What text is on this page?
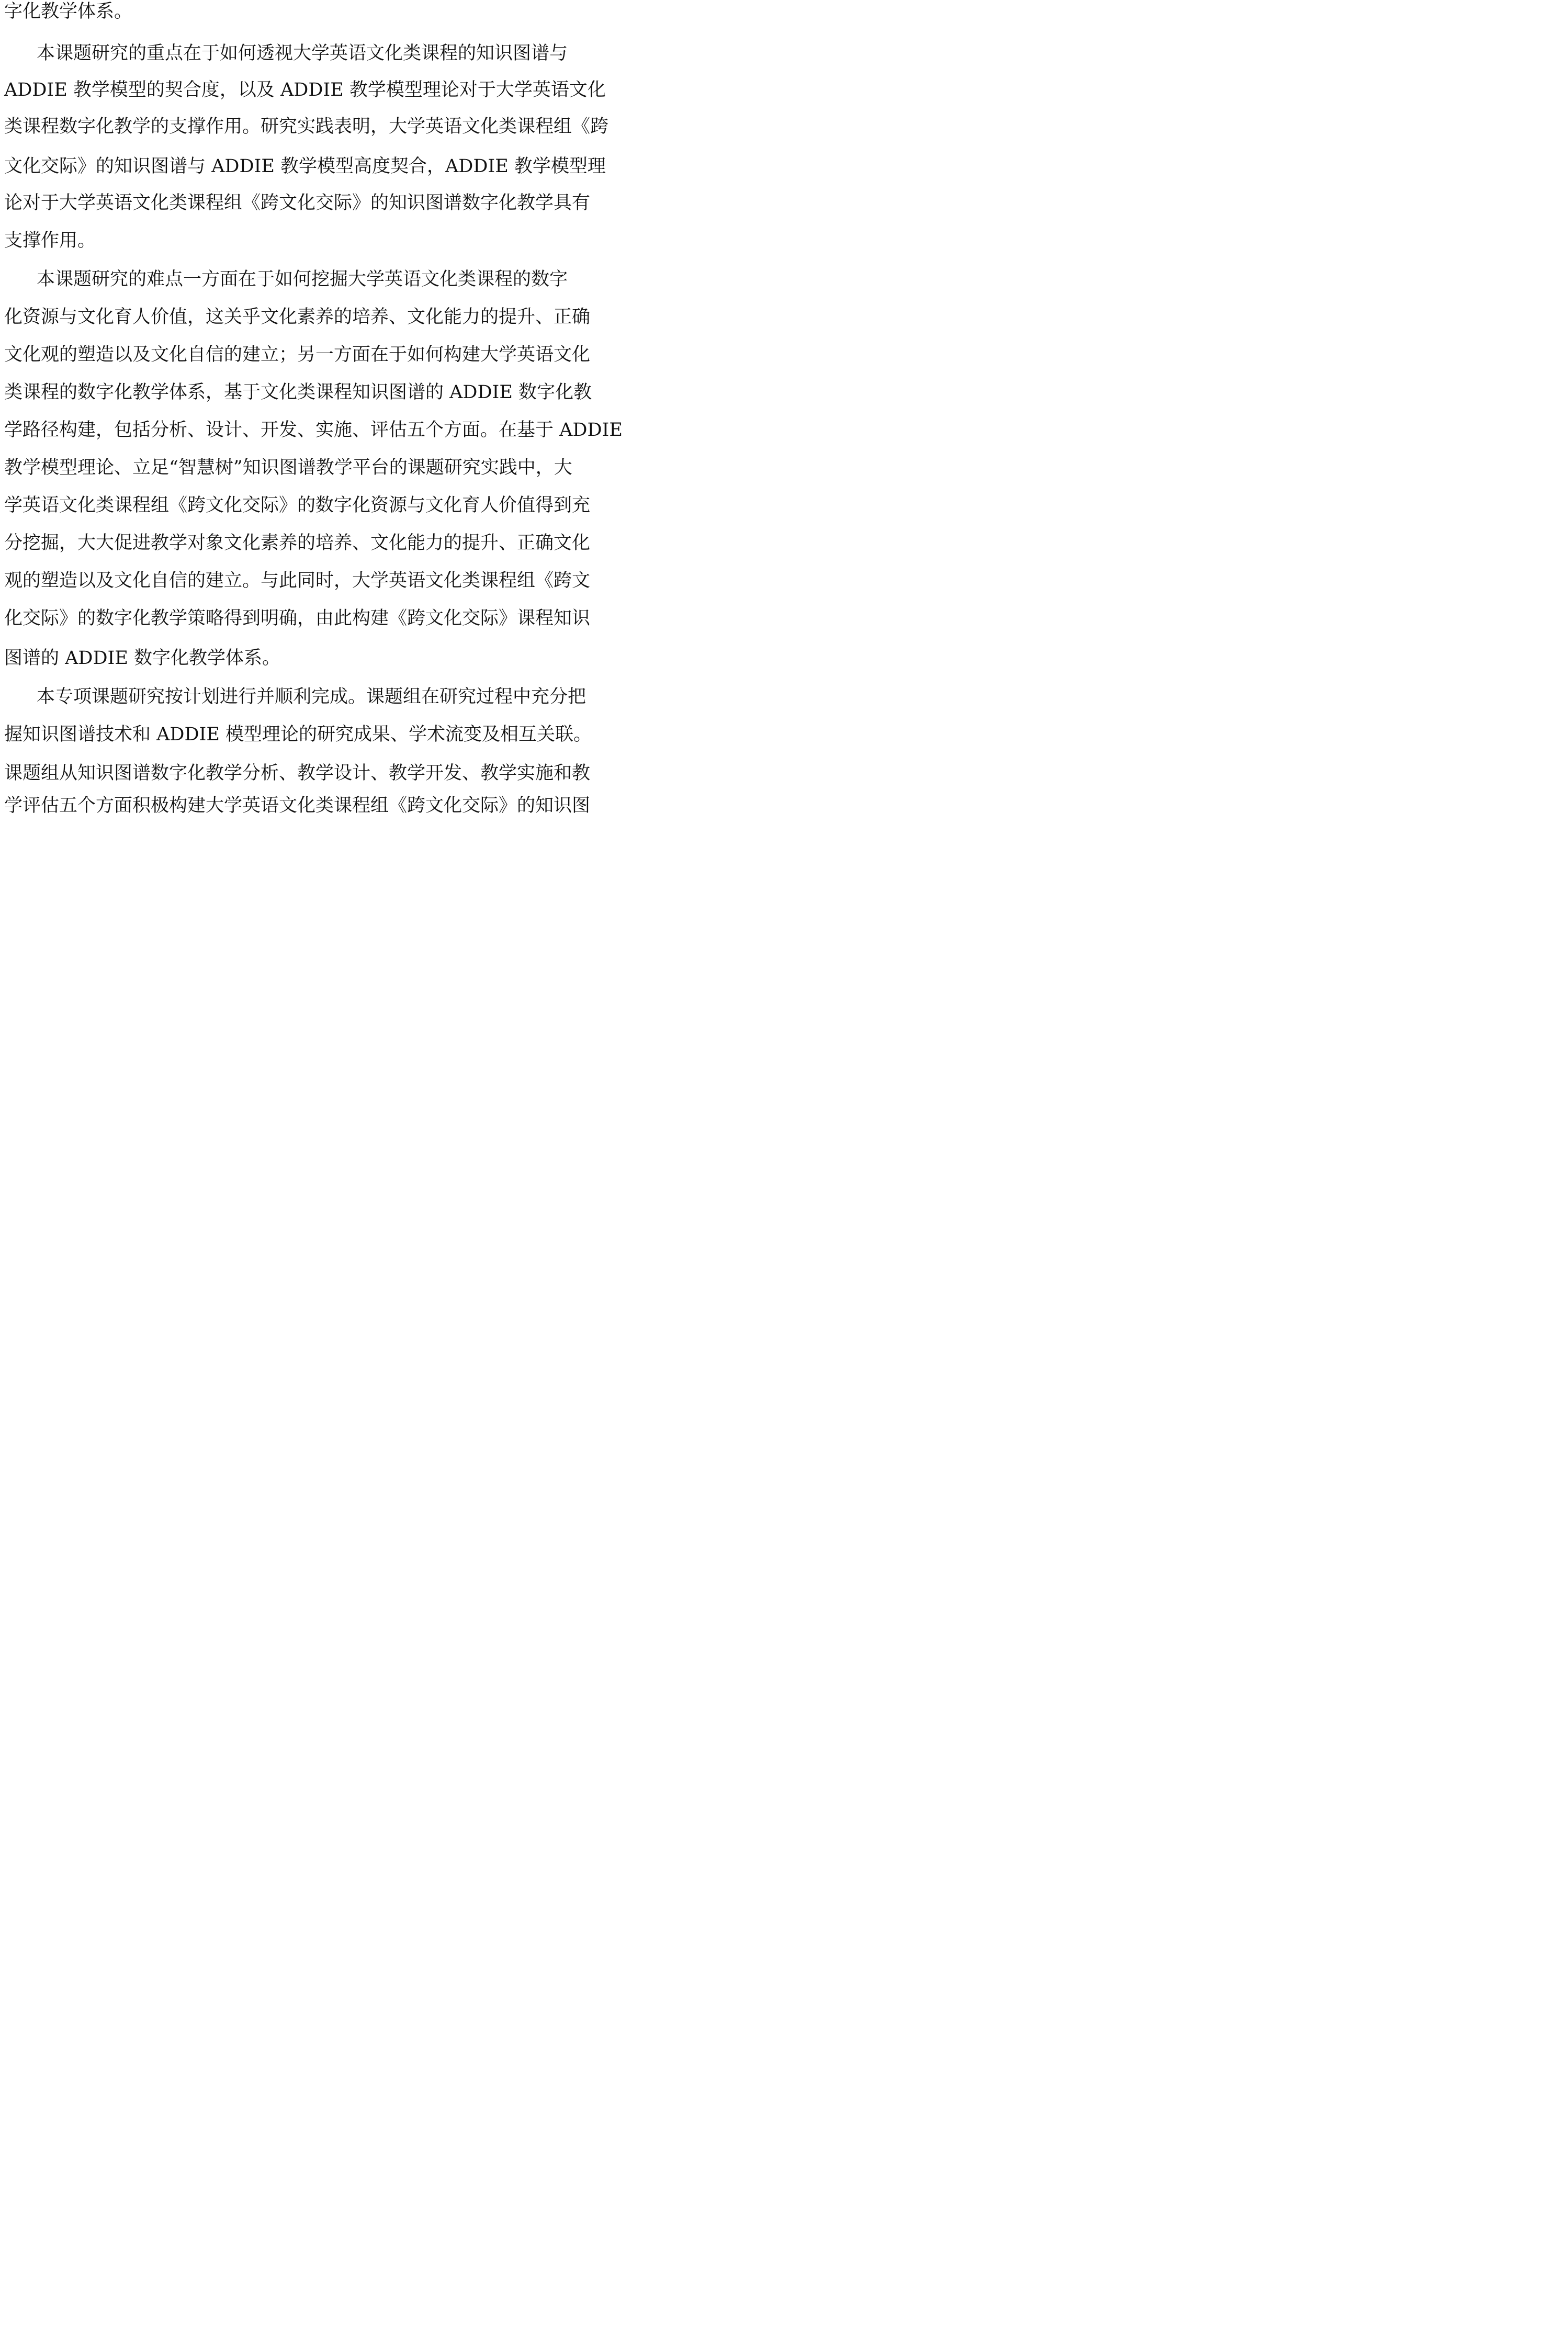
字化教学体系。
本课题研究的重点在于如何透视大学英语文化类课程的知识图谱与
ADDIE 教学模型的契合度，以及 ADDIE 教学模型理论对于大学英语文化
类课程数字化教学的支撑作用。研究实践表明，大学英语文化类课程组《跨
文化交际》的知识图谱与 ADDIE 教学模型高度契合，ADDIE 教学模型理
论对于大学英语文化类课程组《跨文化交际》的知识图谱数字化教学具有
支撑作用。
本课题研究的难点一方面在于如何挖掘大学英语文化类课程的数字
化资源与文化育人价值，这关乎文化素养的培养、文化能力的提升、正确
文化观的塑造以及文化自信的建立；另一方面在于如何构建大学英语文化
类课程的数字化教学体系，基于文化类课程知识图谱的 ADDIE 数字化教
学路径构建，包括分析、设计、开发、实施、评估五个方面。在基于 ADDIE
教学模型理论、立足“智慧树”知识图谱教学平台的课题研究实践中，大
学英语文化类课程组《跨文化交际》的数字化资源与文化育人价值得到充
分挖掘，大大促进教学对象文化素养的培养、文化能力的提升、正确文化
观的塑造以及文化自信的建立。与此同时，大学英语文化类课程组《跨文
化交际》的数字化教学策略得到明确，由此构建《跨文化交际》课程知识
图谱的 ADDIE 数字化教学体系。
本专项课题研究按计划进行并顺利完成。课题组在研究过程中充分把
握知识图谱技术和 ADDIE 模型理论的研究成果、学术流变及相互关联。
课题组从知识图谱数字化教学分析、教学设计、教学开发、教学实施和教
学评估五个方面积极构建大学英语文化类课程组《跨文化交际》的知识图
